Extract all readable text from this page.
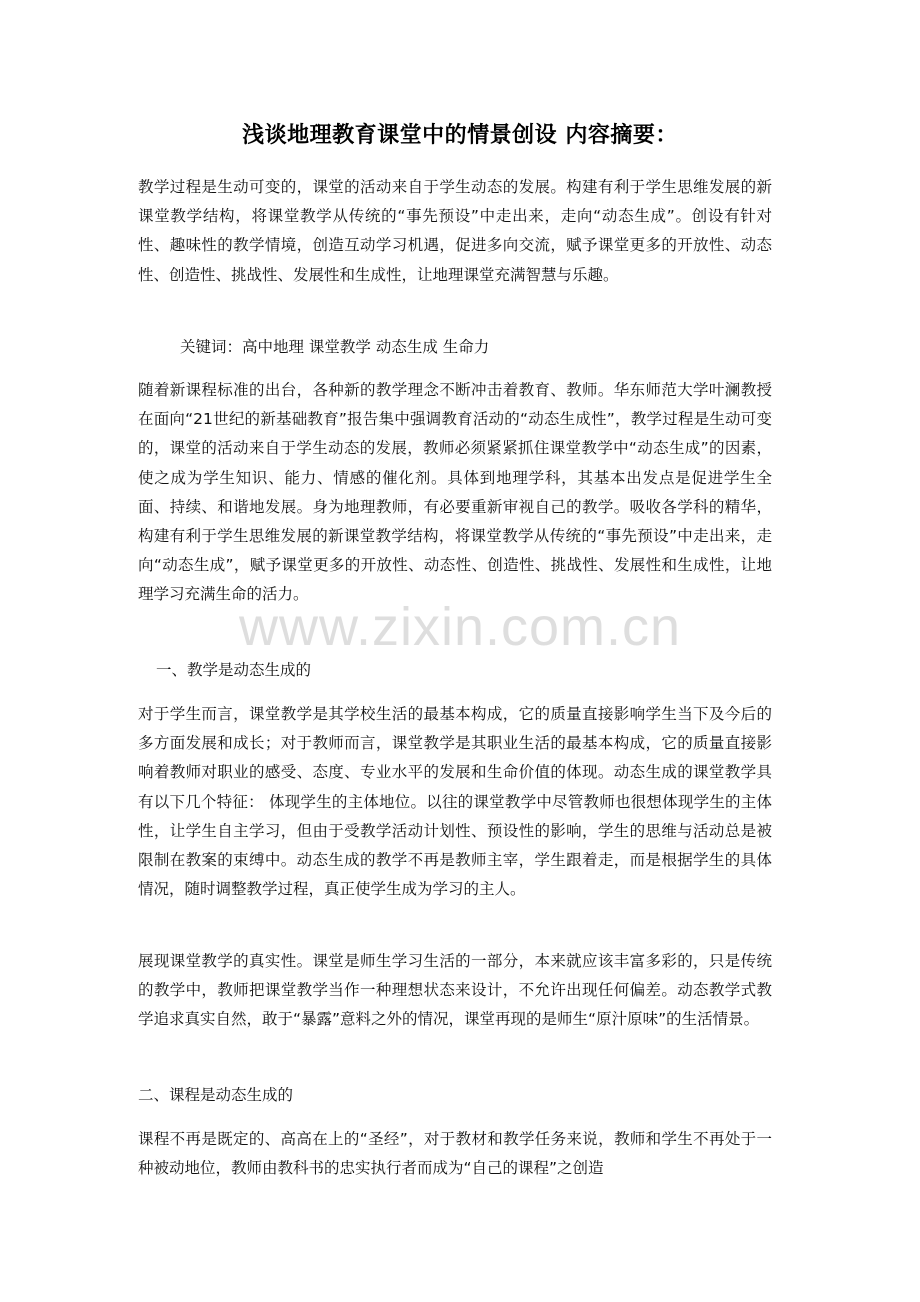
浅谈地理教育课堂中的情景创设 内容摘要：
教学过程是生动可变的，课堂的活动来自于学生动态的发展。构建有利于学生思维发展的新课堂教学结构，将课堂教学从传统的“事先预设”中走出来，走向“动态生成”。创设有针对性、趣味性的教学情境，创造互动学习机遇，促进多向交流，赋予课堂更多的开放性、动态性、创造性、挑战性、发展性和生成性，让地理课堂充满智慧与乐趣。
关键词：高中地理 课堂教学 动态生成 生命力
随着新课程标准的出台，各种新的教学理念不断冲击着教育、教师。华东师范大学叶澜教授在面向“21世纪的新基础教育”报告集中强调教育活动的“动态生成性”，教学过程是生动可变的，课堂的活动来自于学生动态的发展，教师必须紧紧抓住课堂教学中“动态生成”的因素，使之成为学生知识、能力、情感的催化剂。具体到地理学科，其基本出发点是促进学生全面、持续、和谐地发展。身为地理教师，有必要重新审视自己的教学。吸收各学科的精华，构建有利于学生思维发展的新课堂教学结构，将课堂教学从传统的“事先预设”中走出来，走向“动态生成”，赋予课堂更多的开放性、动态性、创造性、挑战性、发展性和生成性，让地理学习充满生命的活力。
www.zixin.com.cn
一、教学是动态生成的
对于学生而言，课堂教学是其学校生活的最基本构成，它的质量直接影响学生当下及今后的多方面发展和成长；对于教师而言，课堂教学是其职业生活的最基本构成，它的质量直接影响着教师对职业的感受、态度、专业水平的发展和生命价值的体现。动态生成的课堂教学具有以下几个特征： 体现学生的主体地位。以往的课堂教学中尽管教师也很想体现学生的主体性，让学生自主学习，但由于受教学活动计划性、预设性的影响，学生的思维与活动总是被限制在教案的束缚中。动态生成的教学不再是教师主宰，学生跟着走，而是根据学生的具体情况，随时调整教学过程，真正使学生成为学习的主人。
展现课堂教学的真实性。课堂是师生学习生活的一部分，本来就应该丰富多彩的，只是传统的教学中，教师把课堂教学当作一种理想状态来设计，不允许出现任何偏差。动态教学式教学追求真实自然，敢于“暴露”意料之外的情况，课堂再现的是师生“原汁原味”的生活情景。
二、课程是动态生成的
课程不再是既定的、高高在上的“圣经”，对于教材和教学任务来说，教师和学生不再处于一种被动地位，教师由教科书的忠实执行者而成为“自己的课程”之创造
